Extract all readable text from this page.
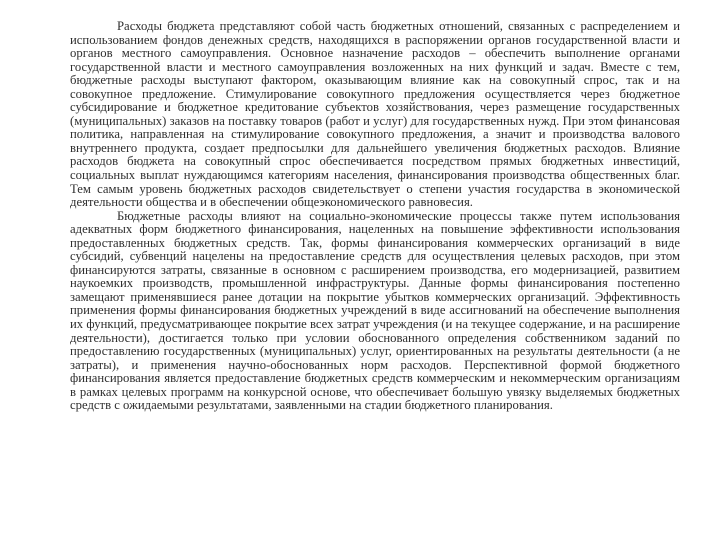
Расходы бюджета представляют собой часть бюджетных отношений, связанных с распределением и использованием фондов денежных средств, находящихся в распоряжении органов государственной власти и органов местного самоуправления. Основное назначение расходов – обеспечить выполнение органами государственной власти и местного самоуправления возложенных на них функций и задач. Вместе с тем, бюджетные расходы выступают фактором, оказывающим влияние как на совокупный спрос, так и на совокупное предложение. Стимулирование совокупного предложения осуществляется через бюджетное субсидирование и бюджетное кредитование субъектов хозяйствования, через размещение государственных (муниципальных) заказов на поставку товаров (работ и услуг) для государственных нужд. При этом финансовая политика, направленная на стимулирование совокупного предложения, а значит и производства валового внутреннего продукта, создает предпосылки для дальнейшего увеличения бюджетных расходов. Влияние расходов бюджета на совокупный спрос обеспечивается посредством прямых бюджетных инвестиций, социальных выплат нуждающимся категориям населения, финансирования производства общественных благ. Тем самым уровень бюджетных расходов свидетельствует о степени участия государства в экономической деятельности общества и в обеспечении общеэкономического равновесия.

Бюджетные расходы влияют на социально-экономические процессы также путем использования адекватных форм бюджетного финансирования, нацеленных на повышение эффективности использования предоставленных бюджетных средств. Так, формы финансирования коммерческих организаций в виде субсидий, субвенций нацелены на предоставление средств для осуществления целевых расходов, при этом финансируются затраты, связанные в основном с расширением производства, его модернизацией, развитием наукоемких производств, промышленной инфраструктуры. Данные формы финансирования постепенно замещают применявшиеся ранее дотации на покрытие убытков коммерческих организаций. Эффективность применения формы финансирования бюджетных учреждений в виде ассигнований на обеспечение выполнения их функций, предусматривающее покрытие всех затрат учреждения (и на текущее содержание, и на расширение деятельности), достигается только при условии обоснованного определения собственником заданий по предоставлению государственных (муниципальных) услуг, ориентированных на результаты деятельности (а не затраты), и применения научно-обоснованных норм расходов. Перспективной формой бюджетного финансирования является предоставление бюджетных средств коммерческим и некоммерческим организациям в рамках целевых программ на конкурсной основе, что обеспечивает большую увязку выделяемых бюджетных средств с ожидаемыми результатами, заявленными на стадии бюджетного планирования.
